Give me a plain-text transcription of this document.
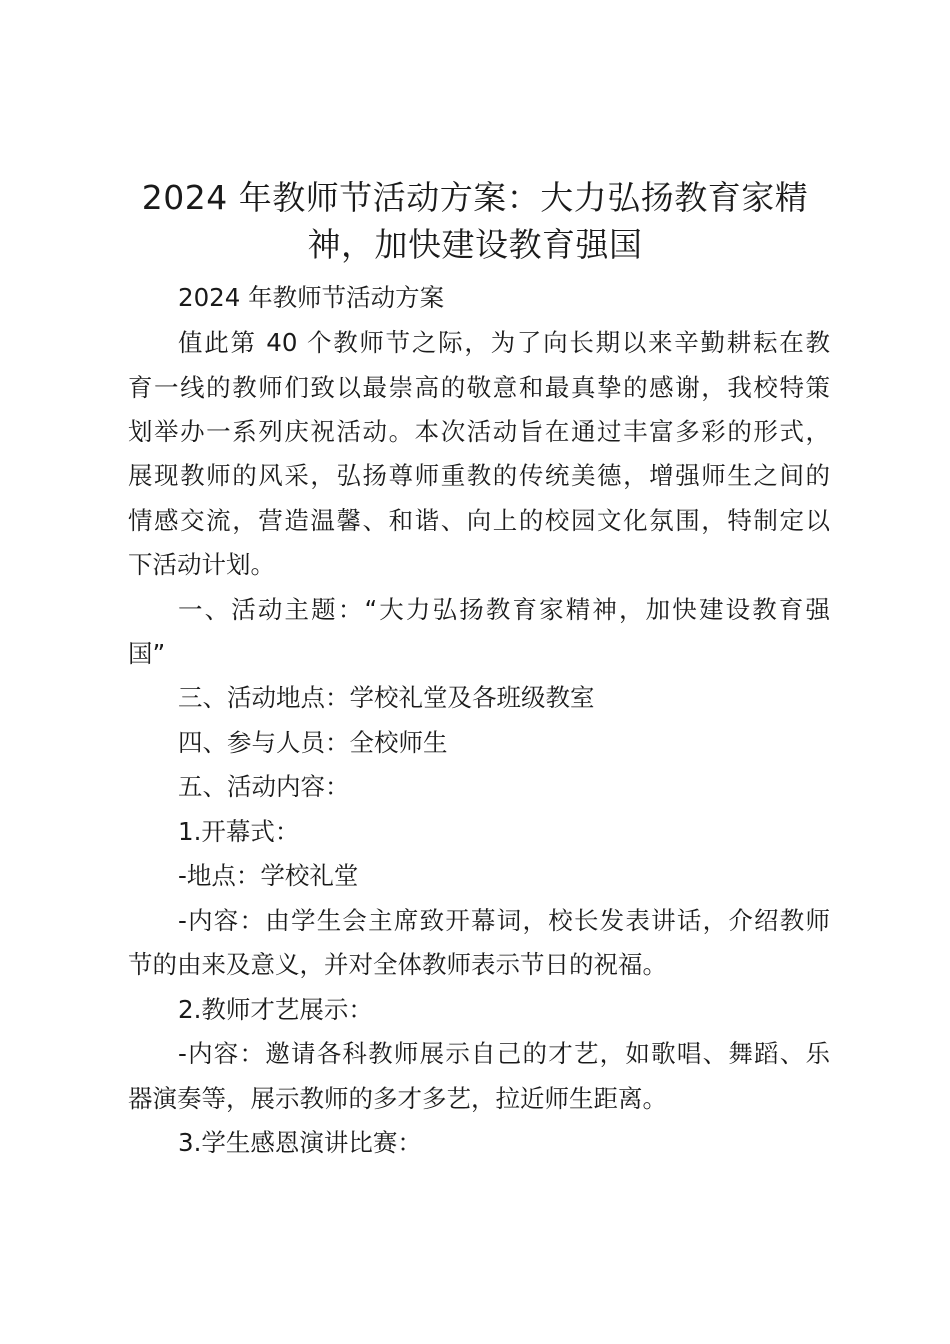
2024 年教师节活动方案：大力弘扬教育家精
神，加快建设教育强国
2024 年教师节活动方案
值此第 40 个教师节之际，为了向长期以来辛勤耕耘在教
育一线的教师们致以最崇高的敬意和最真挚的感谢，我校特策
划举办一系列庆祝活动。本次活动旨在通过丰富多彩的形式，
展现教师的风采，弘扬尊师重教的传统美德，增强师生之间的
情感交流，营造温馨、和谐、向上的校园文化氛围，特制定以
下活动计划。
一、活动主题：“大力弘扬教育家精神，加快建设教育强
国”
三、活动地点：学校礼堂及各班级教室
四、参与人员：全校师生
五、活动内容：
1.开幕式：
-地点：学校礼堂
-内容：由学生会主席致开幕词，校长发表讲话，介绍教师
节的由来及意义，并对全体教师表示节日的祝福。
2.教师才艺展示：
-内容：邀请各科教师展示自己的才艺，如歌唱、舞蹈、乐
器演奏等，展示教师的多才多艺，拉近师生距离。
3.学生感恩演讲比赛：
